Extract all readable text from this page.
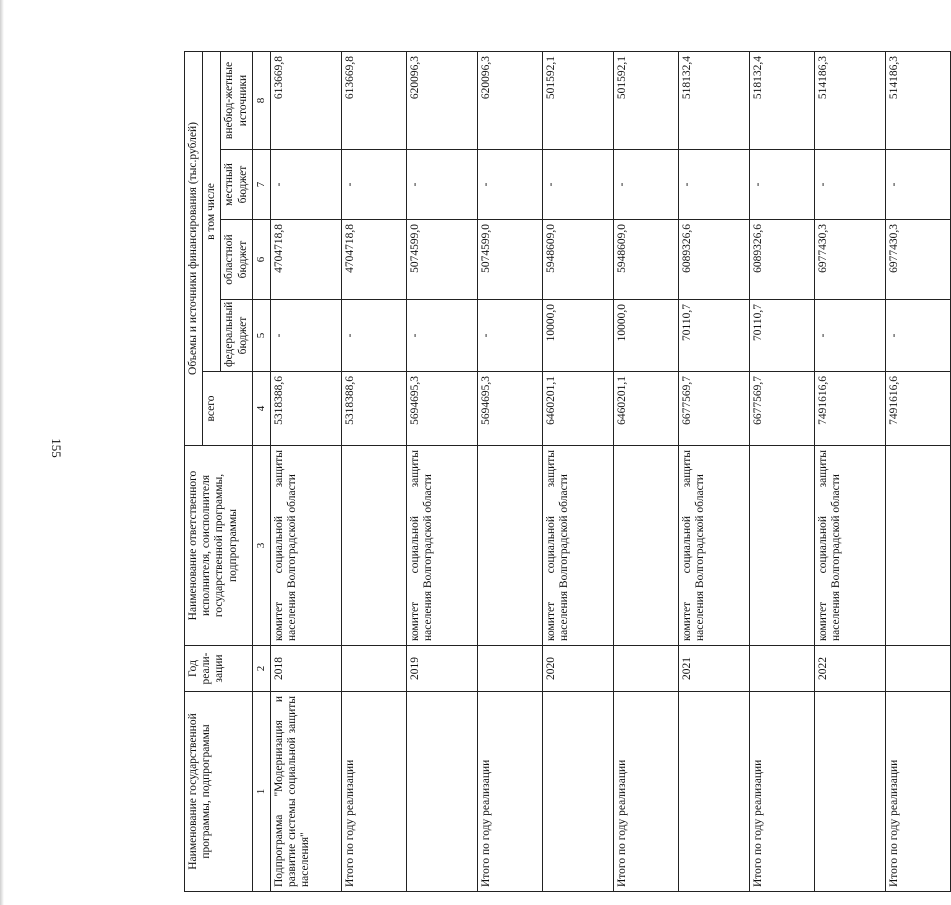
155
Наименование государственной программы, подпрограммы	Год реали-зации	Наименование ответственного исполнителя, соисполнителя государственной программы, подпрограммы	Объемы и источники финансирования (тыс.рублей)				
			всего	в том числе			
				федеральный бюджет	областной бюджет	местный бюджет	внебюд-жетные источники
1	2	3	4	5	6	7	8
Подпрограмма "Модернизация и развитие системы социальной защиты населения"	2018	комитет социальной защиты населения Волгоградской области	5318388,6	-	4704718,8	-	613669,8
Итого по году реализации			5318388,6	-	4704718,8	-	613669,8
	2019	комитет социальной защиты населения Волгоградской области	5694695,3	-	5074599,0	-	620096,3
Итого по году реализации			5694695,3	-	5074599,0	-	620096,3
	2020	комитет социальной защиты населения Волгоградской области	6460201,1	10000,0	5948609,0	-	501592,1
Итого по году реализации			6460201,1	10000,0	5948609,0	-	501592,1
	2021	комитет социальной защиты населения Волгоградской области	6677569,7	70110,7	6089326,6	-	518132,4
Итого по году реализации			6677569,7	70110,7	6089326,6	-	518132,4
	2022	комитет социальной защиты населения Волгоградской области	7491616,6	-	6977430,3	-	514186,3
Итого по году реализации			7491616,6	-	6977430,3	-	514186,3
